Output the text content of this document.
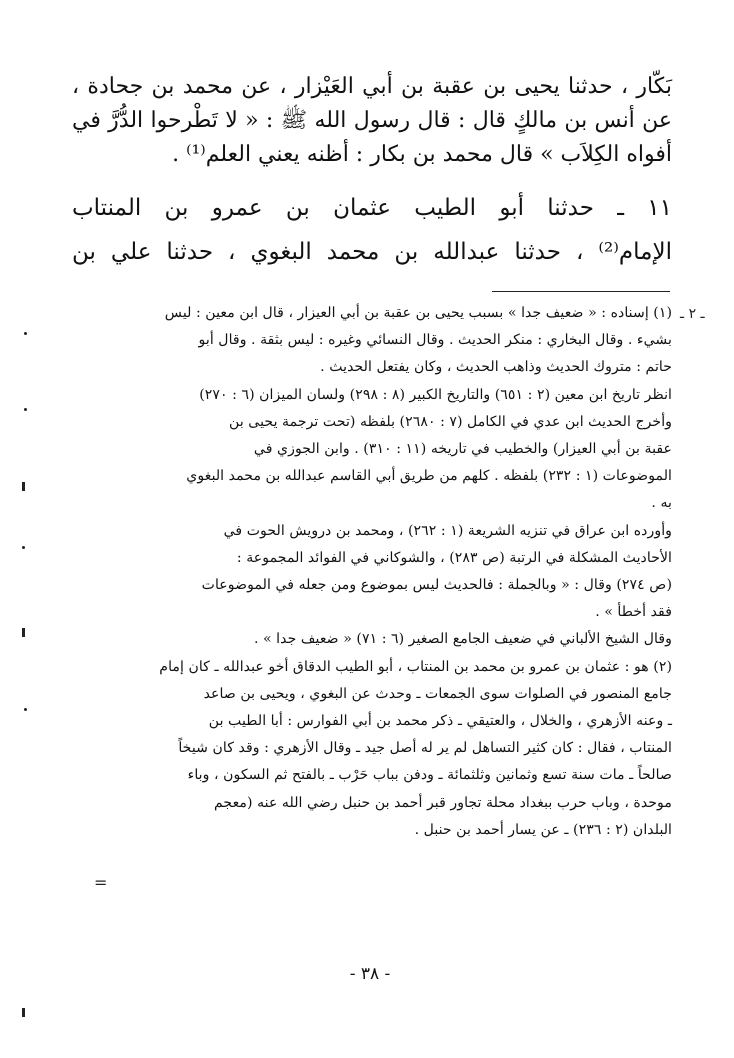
بَكّار ، حدثنا يحيى بن عقبة بن أبي العَيْزار ، عن محمد بن جحادة ،
عن أنس بن مالكٍ قال : قال رسول الله ﷺ : « لا تَطْرحوا الدُّرَّ في
أفواه الكِلاَب » قال محمد بن بكار : أظنه يعني العلم⁽¹⁾ .
١١ ـ حدثنا أبو الطيب عثمان بن عمرو بن المنتاب
الإمام⁽²⁾ ، حدثنا عبدالله بن محمد البغوي ، حدثنا علي بن
(١) إسناده : « ضعيف جدا » بسبب يحيى بن عقبة بن أبي العيزار ، قال ابن معين : ليس
بشيء . وقال البخاري : منكر الحديث . وقال النسائي وغيره : ليس بثقة . وقال أبو
حاتم : متروك الحديث وذاهب الحديث ، وكان يفتعل الحديث .
انظر تاريخ ابن معين (٢ : ٦٥١) والتاريخ الكبير (٨ : ٢٩٨) ولسان الميزان (٦ : ٢٧٠)
وأخرج الحديث ابن عدي في الكامل (٧ : ٢٦٨٠) بلفظه (تحت ترجمة يحيى بن
عقبة بن أبي العيزار) والخطيب في تاريخه (١١ : ٣١٠) . وابن الجوزي في
الموضوعات (١ : ٢٣٢) بلفظه . كلهم من طريق أبي القاسم عبدالله بن محمد البغوي
به .
وأورده ابن عراق في تنزيه الشريعة (١ : ٢٦٢) ، ومحمد بن درويش الحوت في
الأحاديث المشكلة في الرتبة (ص ٢٨٣) ، والشوكاني في الفوائد المجموعة :
(ص ٢٧٤) وقال : « وبالجملة : فالحديث ليس بموضوع ومن جعله في الموضوعات
فقد أخطأ » .
وقال الشيخ الألباني في ضعيف الجامع الصغير (٦ : ٧١) « ضعيف جدا » .
(٢) هو : عثمان بن عمرو بن محمد بن المنتاب ، أبو الطيب الدقاق أخو عبدالله ـ كان إمام
جامع المنصور في الصلوات سوى الجمعات ـ وحدث عن البغوي ، ويحيى بن صاعد
ـ وعنه الأزهري ، والخلال ، والعتيقي ـ ذكر محمد بن أبي الفوارس : أبا الطيب بن
المنتاب ، فقال : كان كثير التساهل لم ير له أصل جيد ـ وقال الأزهري : وقد كان شيخاً
صالحاً ـ مات سنة تسع وثمانين وثلثمائة ـ ودفن بباب حَرْب ـ بالفتح ثم السكون ، وباء
موحدة ، وباب حرب ببغداد محلة تجاور قبر أحمد بن حنبل رضي الله عنه (معجم
البلدان (٢ : ٢٣٦) ـ عن يسار أحمد بن حنبل .
- ٣٨ -
ـ ٢ ـ
=
